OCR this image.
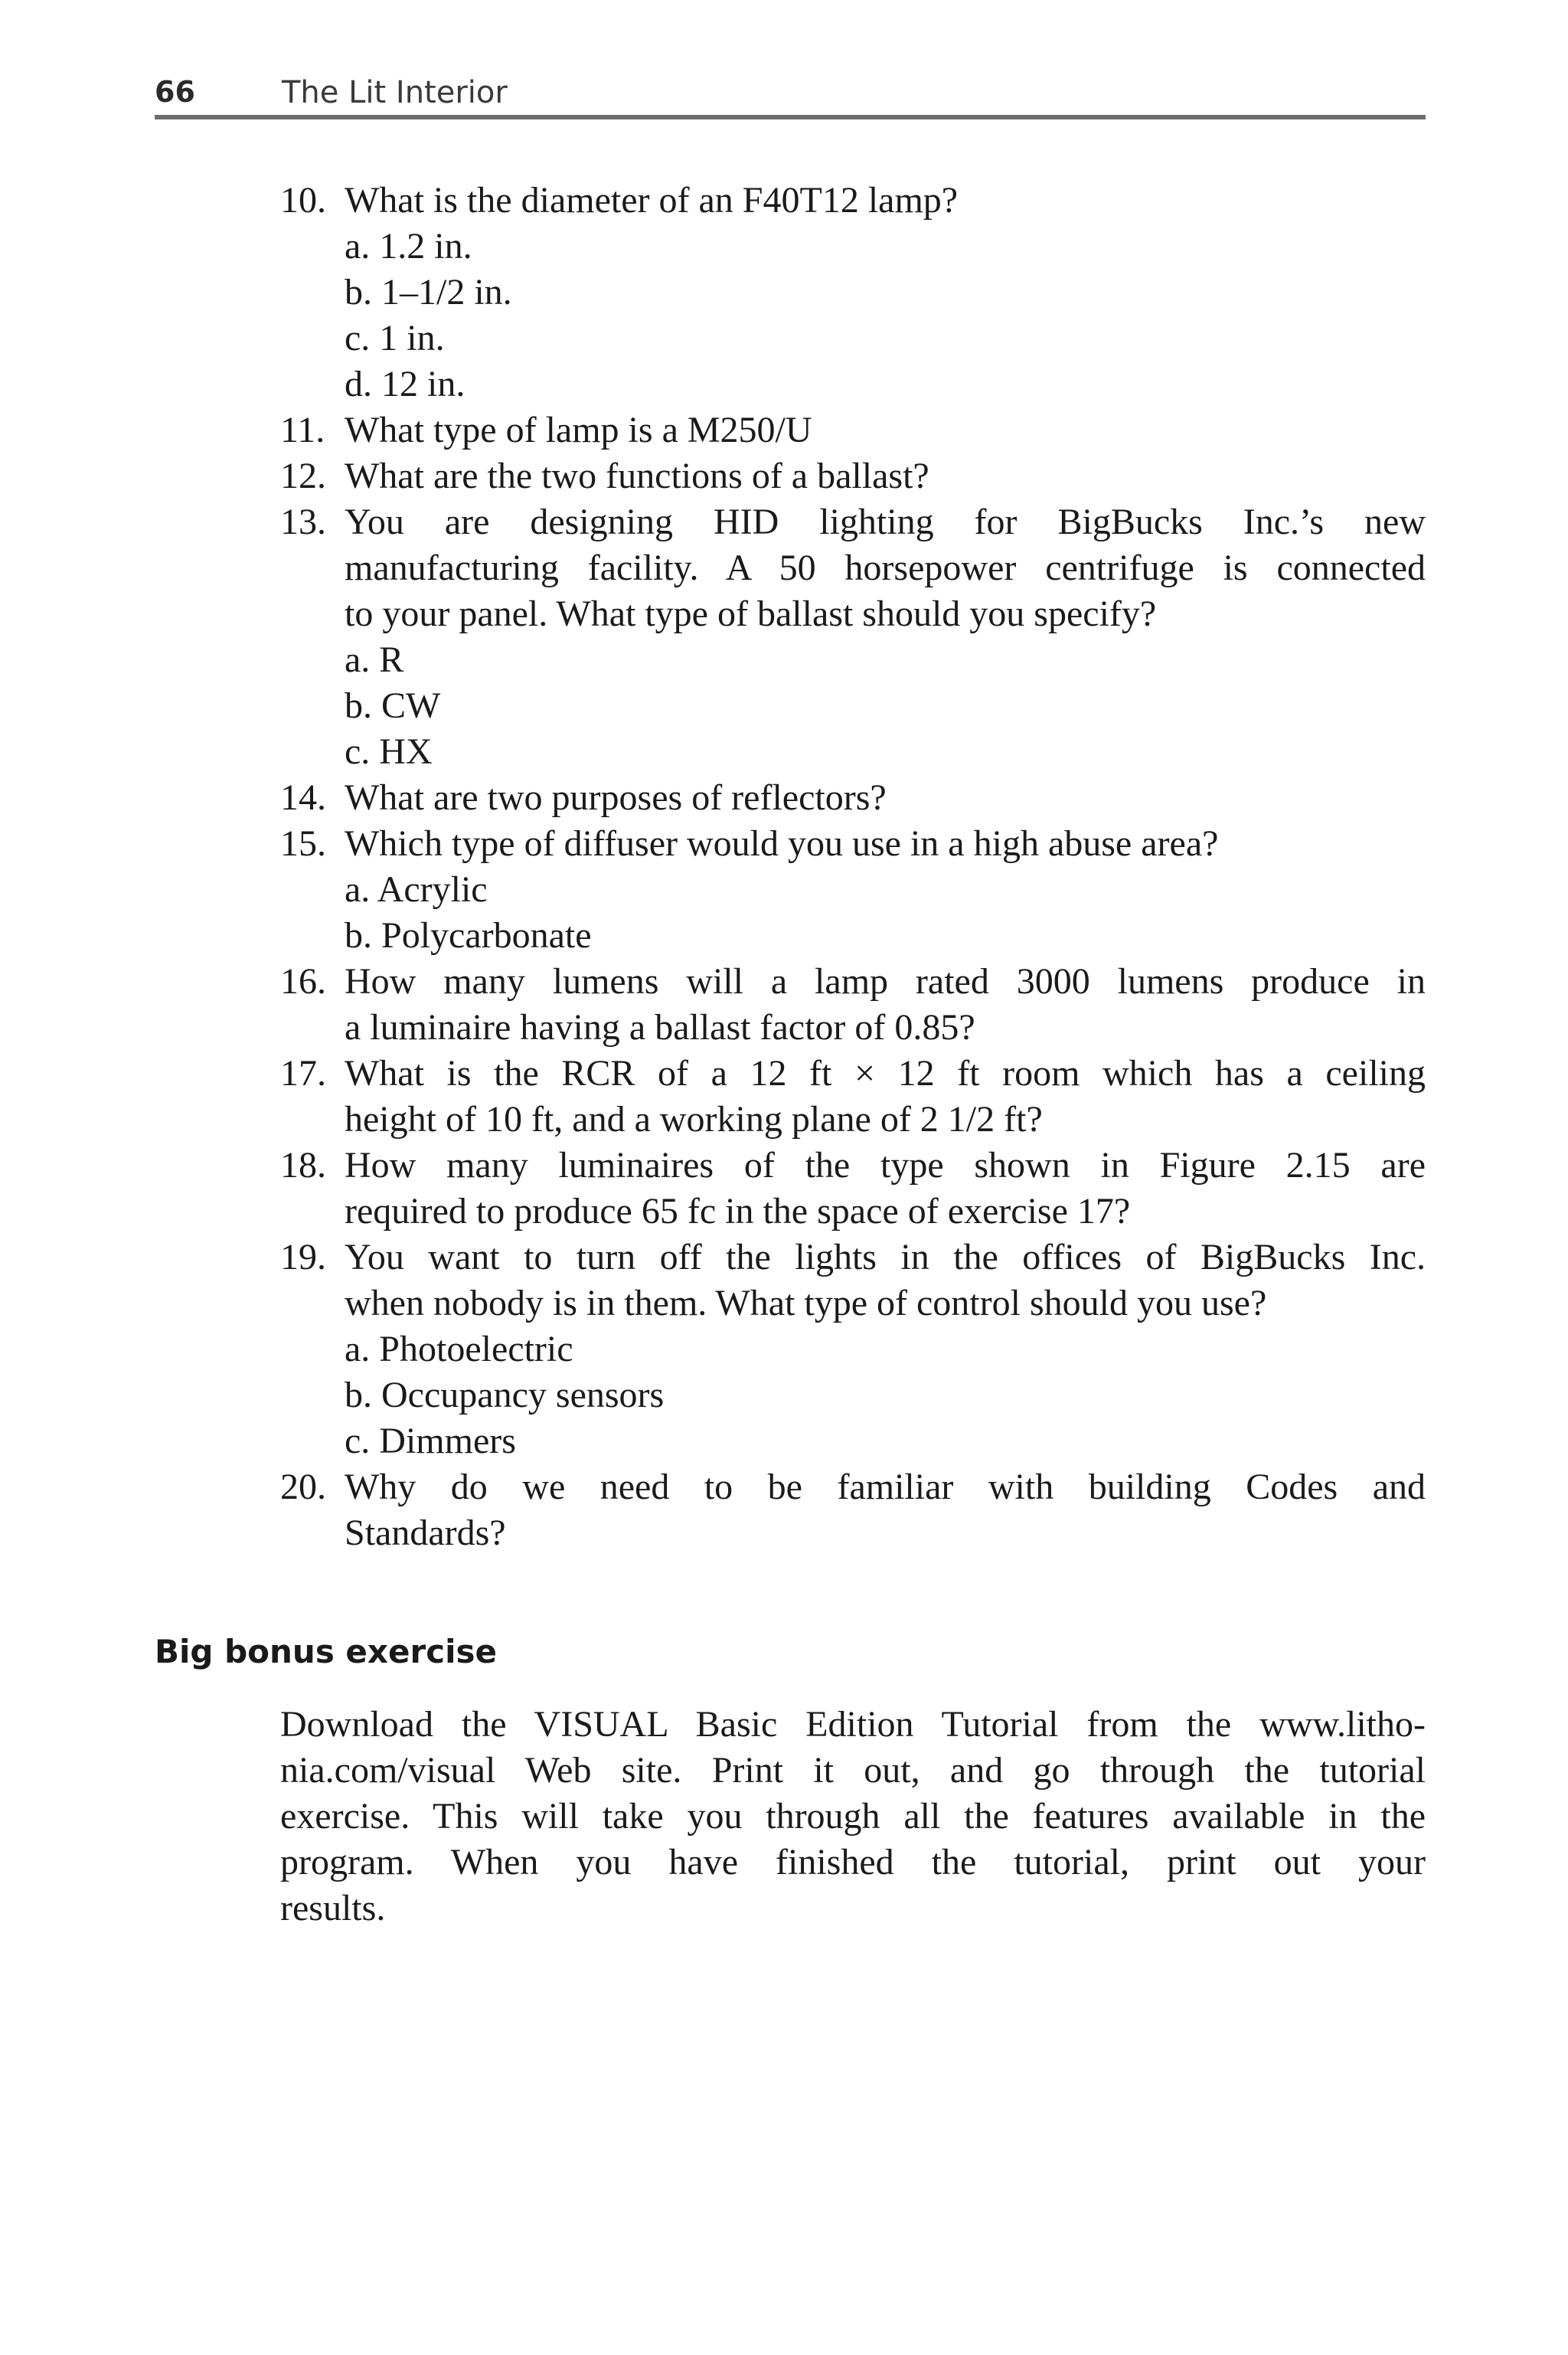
66	The Lit Interior
10. What is the diameter of an F40T12 lamp?
a. 1.2 in.
b. 1–1/2 in.
c. 1 in.
d. 12 in.
11. What type of lamp is a M250/U
12. What are the two functions of a ballast?
13. You are designing HID lighting for BigBucks Inc.’s new
manufacturing facility. A 50 horsepower centrifuge is connected
to your panel. What type of ballast should you specify?
a. R
b. CW
c. HX
14. What are two purposes of reflectors?
15. Which type of diffuser would you use in a high abuse area?
a. Acrylic
b. Polycarbonate
16. How many lumens will a lamp rated 3000 lumens produce in
a luminaire having a ballast factor of 0.85?
17. What is the RCR of a 12 ft × 12 ft room which has a ceiling
height of 10 ft, and a working plane of 2 1/2 ft?
18. How many luminaires of the type shown in Figure 2.15 are
required to produce 65 fc in the space of exercise 17?
19. You want to turn off the lights in the offices of BigBucks Inc.
when nobody is in them. What type of control should you use?
a. Photoelectric
b. Occupancy sensors
c. Dimmers
20. Why do we need to be familiar with building Codes and
Standards?
Big bonus exercise
Download the VISUAL Basic Edition Tutorial from the www.litho-
nia.com/visual Web site. Print it out, and go through the tutorial
exercise. This will take you through all the features available in the
program. When you have finished the tutorial, print out your
results.
